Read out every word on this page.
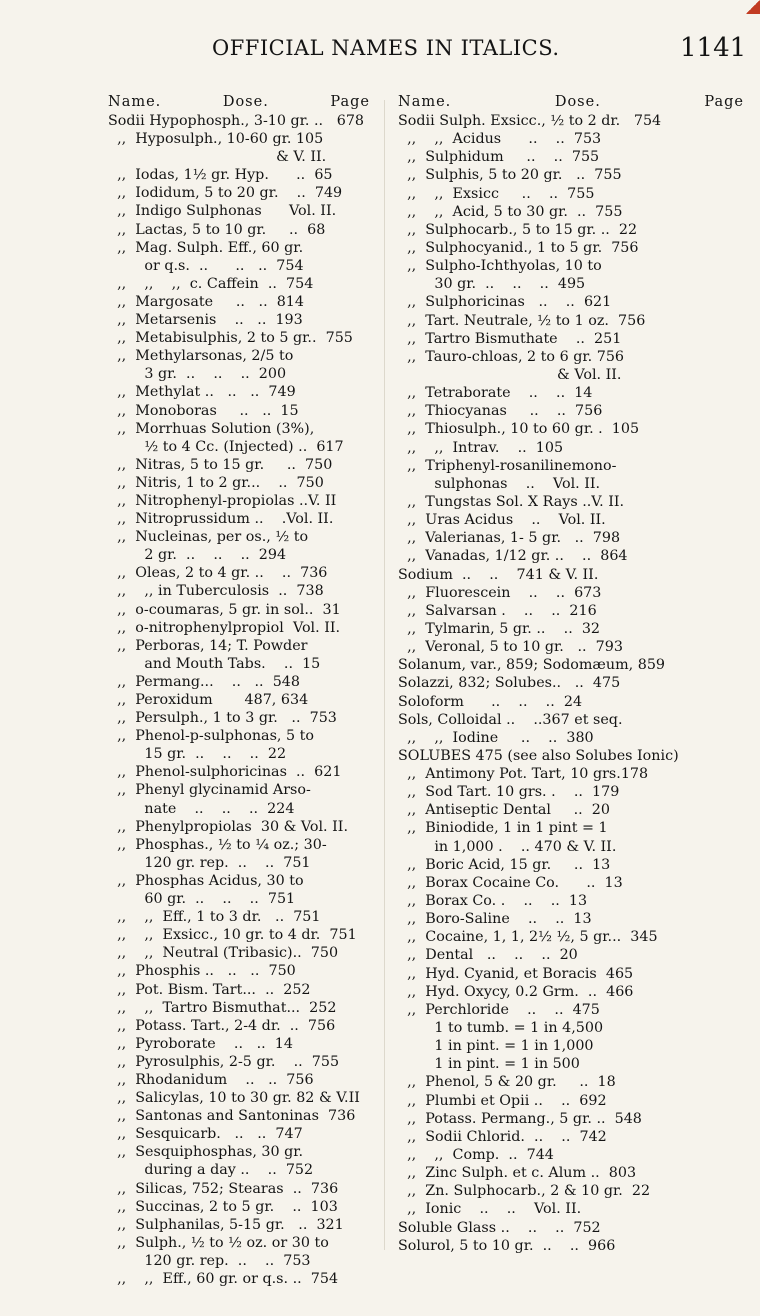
OFFICIAL NAMES IN ITALICS.	1141
Name.	Dose.	Page
Sodii Hypophosph., 3-10 gr. ..   678
,,  Hyposulph., 10-60 gr. 105
& V. II.
,,  Iodas, 1½ gr. Hyp.      ..  65
,,  Iodidum, 5 to 20 gr.    ..  749
,,  Indigo Sulphonas      Vol. II.
,,  Lactas, 5 to 10 gr.     ..  68
,,  Mag. Sulph. Eff., 60 gr.
or q.s.  ..      ..   ..  754
,,    ,,    ,,  c. Caffein  ..  754
,,  Margosate     ..   ..  814
,,  Metarsenis    ..   ..  193
,,  Metabisulphis, 2 to 5 gr..  755
,,  Methylarsonas, 2/5 to
3 gr.  ..    ..    ..  200
,,  Methylat ..   ..   ..  749
,,  Monoboras     ..   ..  15
,,  Morrhuas Solution (3%),
½ to 4 Cc. (Injected) ..  617
,,  Nitras, 5 to 15 gr.     ..  750
,,  Nitris, 1 to 2 gr...    ..  750
,,  Nitrophenyl-propiolas ..V. II
,,  Nitroprussidum ..    .Vol. II.
,,  Nucleinas, per os., ½ to
2 gr.  ..    ..    ..  294
,,  Oleas, 2 to 4 gr. ..    ..  736
,,    ,, in Tuberculosis  ..  738
,,  o-coumaras, 5 gr. in sol..  31
,,  o-nitrophenylpropiol  Vol. II.
,,  Perboras, 14; T. Powder
and Mouth Tabs.    ..  15
,,  Permang...    ..   ..  548
,,  Peroxidum       487, 634
,,  Persulph., 1 to 3 gr.   ..  753
,,  Phenol-p-sulphonas, 5 to
15 gr.  ..    ..    ..  22
,,  Phenol-sulphoricinas  ..  621
,,  Phenyl glycinamid Arso-
nate    ..    ..    ..  224
,,  Phenylpropiolas  30 & Vol. II.
,,  Phosphas., ½ to ¼ oz.; 30-
120 gr. rep.  ..    ..  751
,,  Phosphas Acidus, 30 to
60 gr.  ..    ..    ..  751
,,    ,,  Eff., 1 to 3 dr.   ..  751
,,    ,,  Exsicc., 10 gr. to 4 dr.  751
,,    ,,  Neutral (Tribasic)..  750
,,  Phosphis ..   ..   ..  750
,,  Pot. Bism. Tart...  ..  252
,,    ,,  Tartro Bismuthat...  252
,,  Potass. Tart., 2-4 dr.  ..  756
,,  Pyroborate    ..   ..  14
,,  Pyrosulphis, 2-5 gr.    ..  755
,,  Rhodanidum    ..   ..  756
,,  Salicylas, 10 to 30 gr. 82 & V.II
,,  Santonas and Santoninas  736
,,  Sesquicarb.   ..   ..  747
,,  Sesquiphosphas, 30 gr.
during a day ..    ..  752
,,  Silicas, 752; Stearas  ..  736
,,  Succinas, 2 to 5 gr.    ..  103
,,  Sulphanilas, 5-15 gr.   ..  321
,,  Sulph., ½ to ½ oz. or 30 to
120 gr. rep.  ..    ..  753
,,    ,,  Eff., 60 gr. or q.s. ..  754
Name.	Dose.	Page
Sodii Sulph. Exsicc., ½ to 2 dr.   754
,,    ,,  Acidus      ..    ..  753
,,  Sulphidum     ..    ..  755
,,  Sulphis, 5 to 20 gr.   ..  755
,,    ,,  Exsicc     ..    ..  755
,,    ,,  Acid, 5 to 30 gr.  ..  755
,,  Sulphocarb., 5 to 15 gr. ..  22
,,  Sulphocyanid., 1 to 5 gr.  756
,,  Sulpho-Ichthyolas, 10 to
30 gr.  ..    ..    ..  495
,,  Sulphoricinas   ..    ..  621
,,  Tart. Neutrale, ½ to 1 oz.  756
,,  Tartro Bismuthate    ..  251
,,  Tauro-chloas, 2 to 6 gr. 756
& Vol. II.
,,  Tetraborate    ..    ..  14
,,  Thiocyanas     ..    ..  756
,,  Thiosulph., 10 to 60 gr. .  105
,,    ,,  Intrav.    ..  105
,,  Triphenyl-rosanilinemono-
sulphonas    ..    Vol. II.
,,  Tungstas Sol. X Rays ..V. II.
,,  Uras Acidus    ..    Vol. II.
,,  Valerianas, 1- 5 gr.   ..  798
,,  Vanadas, 1/12 gr. ..    ..  864
Sodium  ..    ..    741 & V. II.
,,  Fluorescein    ..    ..  673
,,  Salvarsan .    ..    ..  216
,,  Tylmarin, 5 gr. ..    ..  32
,,  Veronal, 5 to 10 gr.   ..  793
Solanum, var., 859; Sodomæum, 859
Solazzi, 832; Solubes..   ..  475
Soloform      ..    ..    ..  24
Sols, Colloidal ..    ..367 et seq.
,,    ,,  Iodine     ..    ..  380
SOLUBES 475 (see also Solubes Ionic)
,,  Antimony Pot. Tart, 10 grs.178
,,  Sod Tart. 10 grs. .    ..  179
,,  Antiseptic Dental     ..  20
,,  Biniodide, 1 in 1 pint = 1
in 1,000 .    .. 470 & V. II.
,,  Boric Acid, 15 gr.     ..  13
,,  Borax Cocaine Co.      ..  13
,,  Borax Co. .    ..    ..  13
,,  Boro-Saline    ..    ..  13
,,  Cocaine, 1, 1, 2½ ½, 5 gr...  345
,,  Dental   ..    ..    ..  20
,,  Hyd. Cyanid, et Boracis  465
,,  Hyd. Oxycy, 0.2 Grm.  ..  466
,,  Perchloride    ..    ..  475
1 to tumb. = 1 in 4,500
1 in pint. = 1 in 1,000
1 in pint. = 1 in 500
,,  Phenol, 5 & 20 gr.     ..  18
,,  Plumbi et Opii ..    ..  692
,,  Potass. Permang., 5 gr. ..  548
,,  Sodii Chlorid.  ..    ..  742
,,    ,,  Comp.  ..  744
,,  Zinc Sulph. et c. Alum ..  803
,,  Zn. Sulphocarb., 2 & 10 gr.  22
,,  Ionic    ..    ..    Vol. II.
Soluble Glass ..    ..    ..  752
Solurol, 5 to 10 gr.  ..    ..  966
